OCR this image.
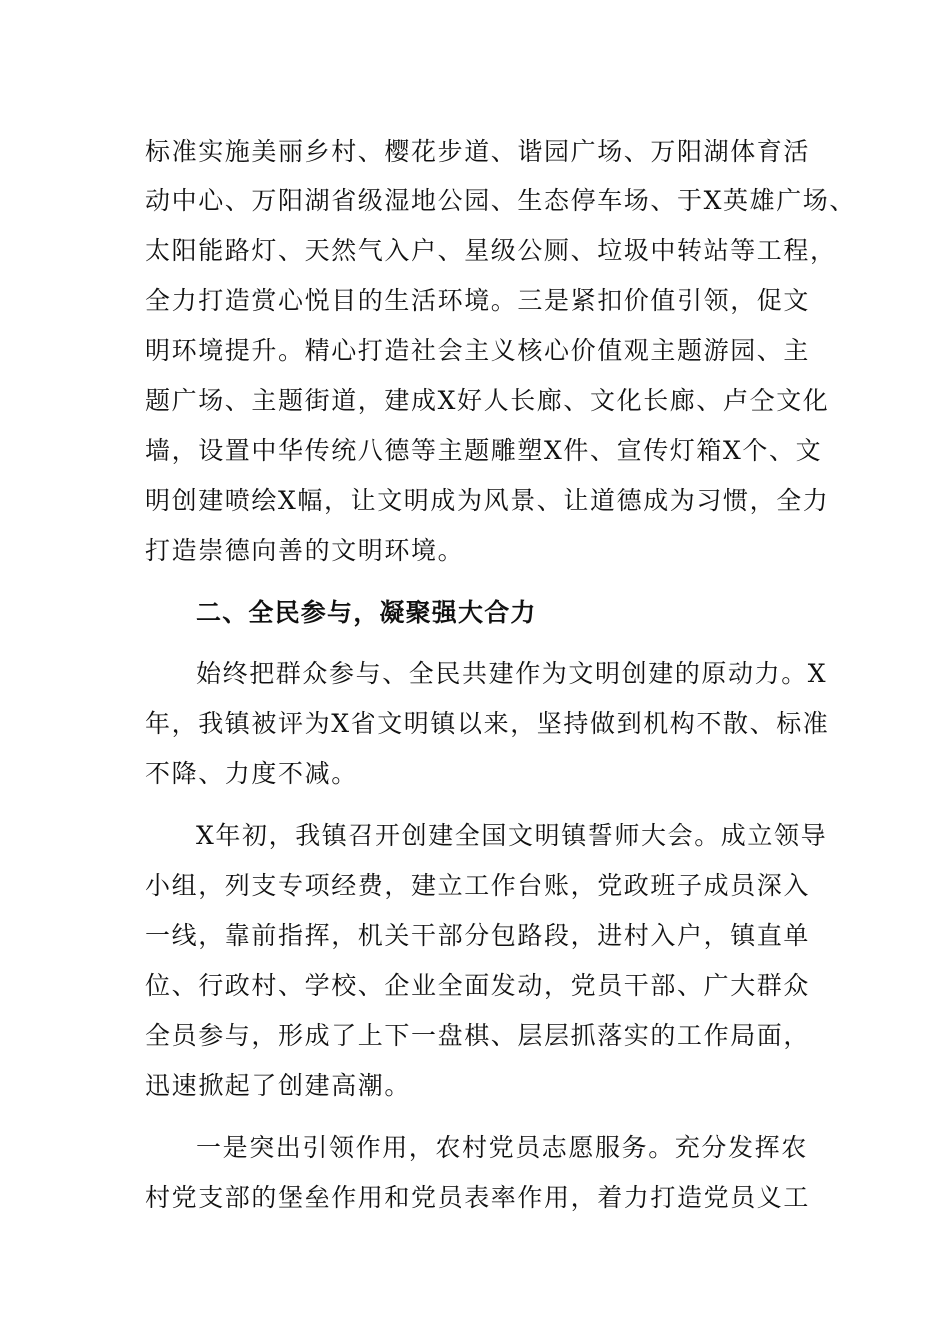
标准实施美丽乡村、樱花步道、谐园广场、万阳湖体育活
动中心、万阳湖省级湿地公园、生态停车场、于X英雄广场、
太阳能路灯、天然气入户、星级公厕、垃圾中转站等工程，
全力打造赏心悦目的生活环境。三是紧扣价值引领，促文
明环境提升。精心打造社会主义核心价值观主题游园、主
题广场、主题街道，建成X好人长廊、文化长廊、卢仝文化
墙，设置中华传统八德等主题雕塑X件、宣传灯箱X个、文
明创建喷绘X幅，让文明成为风景、让道德成为习惯，全力
打造崇德向善的文明环境。
二、全民参与，凝聚强大合力
始终把群众参与、全民共建作为文明创建的原动力。X
年，我镇被评为X省文明镇以来，坚持做到机构不散、标准
不降、力度不减。
X年初，我镇召开创建全国文明镇誓师大会。成立领导
小组，列支专项经费，建立工作台账，党政班子成员深入
一线，靠前指挥，机关干部分包路段，进村入户，镇直单
位、行政村、学校、企业全面发动，党员干部、广大群众
全员参与，形成了上下一盘棋、层层抓落实的工作局面，
迅速掀起了创建高潮。
一是突出引领作用，农村党员志愿服务。充分发挥农
村党支部的堡垒作用和党员表率作用，着力打造党员义工
